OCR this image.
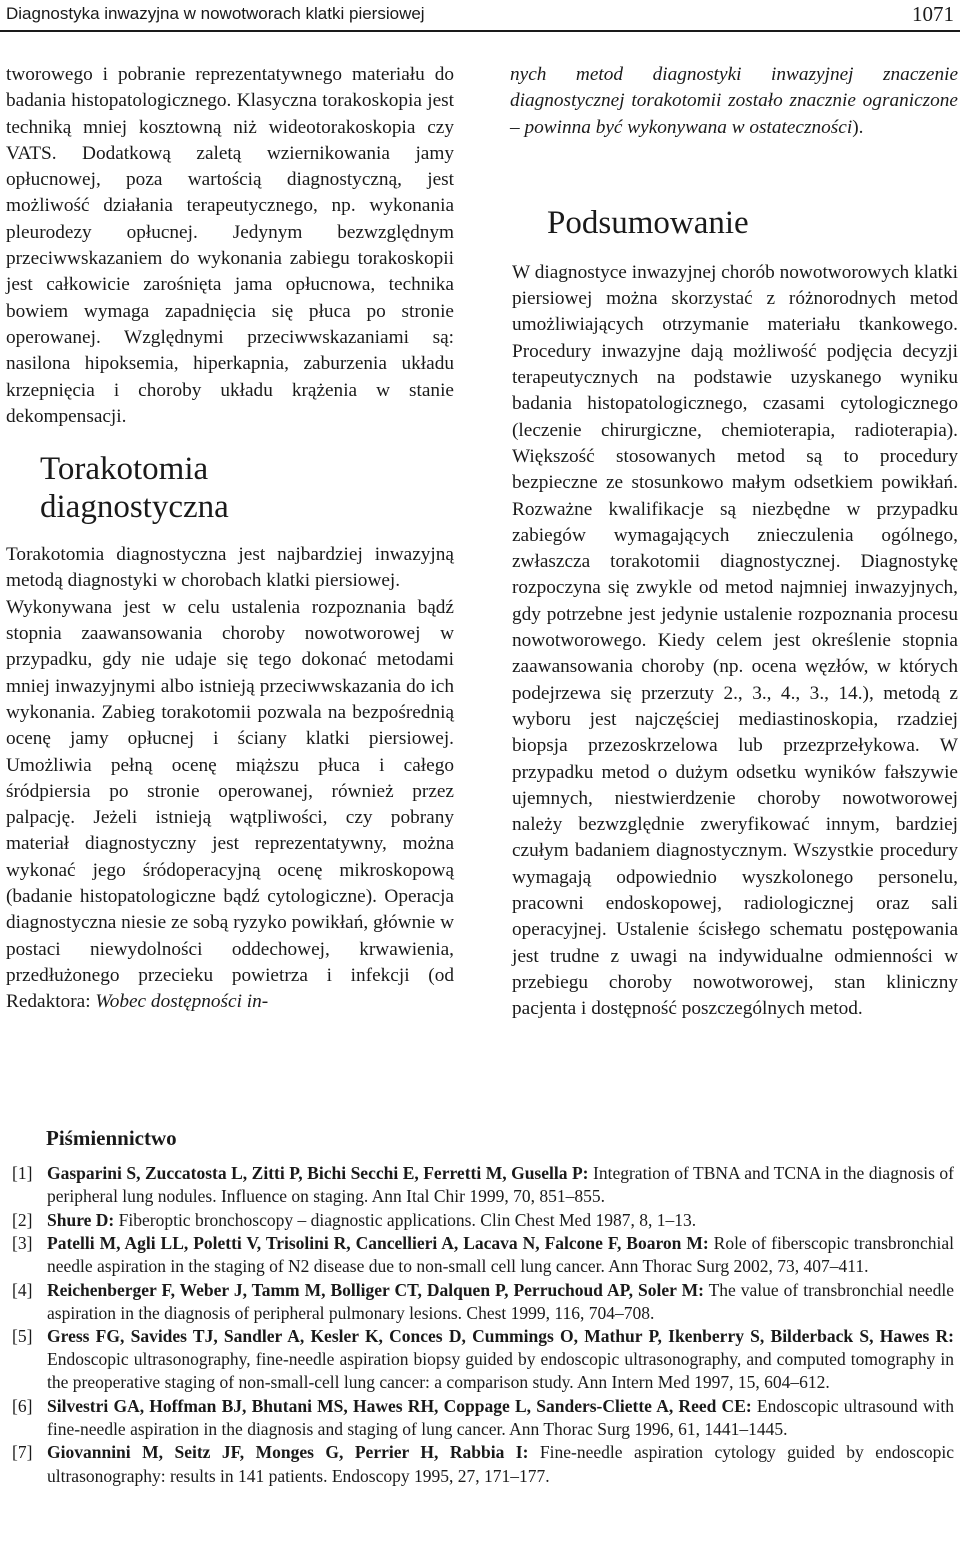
Diagnostyka inwazyjna w nowotworach klatki piersiowej	1071

tworowego i pobranie reprezentatywnego materiału do badania histopatologicznego. Klasyczna torakoskopia jest techniką mniej kosztowną niż wideotorakoskopia czy VATS. Dodatkową zaletą wziernikowania jamy opłucnowej, poza wartością diagnostyczną, jest możliwość działania terapeutycznego, np. wykonania pleurodezy opłucnej. Jedynym bezwzględnym przeciwwskazaniem do wykonania zabiegu torakoskopii jest całkowicie zarośnięta jama opłucnowa, technika bowiem wymaga zapadnięcia się płuca po stronie operowanej. Względnymi przeciwwskazaniami są: nasilona hipoksemia, hiperkapnia, zaburzenia układu krzepnięcia i choroby układu krążenia w stanie dekompensacji.

Torakotomia
diagnostyczna

Torakotomia diagnostyczna jest najbardziej inwazyjną metodą diagnostyki w chorobach klatki piersiowej.

Wykonywana jest w celu ustalenia rozpoznania bądź stopnia zaawansowania choroby nowotworowej w przypadku, gdy nie udaje się tego dokonać metodami mniej inwazyjnymi albo istnieją przeciwwskazania do ich wykonania. Zabieg torakotomii pozwala na bezpośrednią ocenę jamy opłucnej i ściany klatki piersiowej. Umożliwia pełną ocenę miąższu płuca i całego śródpiersia po stronie operowanej, również przez palpację. Jeżeli istnieją wątpliwości, czy pobrany materiał diagnostyczny jest reprezentatywny, można wykonać jego śródoperacyjną ocenę mikroskopową (badanie histopatologiczne bądź cytologiczne). Operacja diagnostyczna niesie ze sobą ryzyko powikłań, głównie w postaci niewydolności oddechowej, krwawienia, przedłużonego przecieku powietrza i infekcji (od Redaktora: Wobec dostępności in-

nych metod diagnostyki inwazyjnej znaczenie diagnostycznej torakotomii zostało znacznie ograniczone – powinna być wykonywana w ostateczności).

Podsumowanie

W diagnostyce inwazyjnej chorób nowotworowych klatki piersiowej można skorzystać z różnorodnych metod umożliwiających otrzymanie materiału tkankowego. Procedury inwazyjne dają możliwość podjęcia decyzji terapeutycznych na podstawie uzyskanego wyniku badania histopatologicznego, czasami cytologicznego (leczenie chirurgiczne, chemioterapia, radioterapia). Większość stosowanych metod są to procedury bezpieczne ze stosunkowo małym odsetkiem powikłań. Rozważne kwalifikacje są niezbędne w przypadku zabiegów wymagających znieczulenia ogólnego, zwłaszcza torakotomii diagnostycznej. Diagnostykę rozpoczyna się zwykle od metod najmniej inwazyjnych, gdy potrzebne jest jedynie ustalenie rozpoznania procesu nowotworowego. Kiedy celem jest określenie stopnia zaawansowania choroby (np. ocena węzłów, w których podejrzewa się przerzuty 2., 3., 4., 3., 14.), metodą z wyboru jest najczęściej mediastinoskopia, rzadziej biopsja przezoskrzelowa lub przezprzełykowa. W przypadku metod o dużym odsetku wyników fałszywie ujemnych, niestwierdzenie choroby nowotworowej należy bezwzględnie zweryfikować innym, bardziej czułym badaniem diagnostycznym. Wszystkie procedury wymagają odpowiednio wyszkolonego personelu, pracowni endoskopowej, radiologicznej oraz sali operacyjnej. Ustalenie ścisłego schematu postępowania jest trudne z uwagi na indywidualne odmienności w przebiegu choroby nowotworowej, stan kliniczny pacjenta i dostępność poszczególnych metod.

Piśmiennictwo

[1] Gasparini S, Zuccatosta L, Zitti P, Bichi Secchi E, Ferretti M, Gusella P: Integration of TBNA and TCNA in the diagnosis of peripheral lung nodules. Influence on staging. Ann Ital Chir 1999, 70, 851–855.

[2] Shure D: Fiberoptic bronchoscopy – diagnostic applications. Clin Chest Med 1987, 8, 1–13.

[3] Patelli M, Agli LL, Poletti V, Trisolini R, Cancellieri A, Lacava N, Falcone F, Boaron M: Role of fiberscopic transbronchial needle aspiration in the staging of N2 disease due to non-small cell lung cancer. Ann Thorac Surg 2002, 73, 407–411.

[4] Reichenberger F, Weber J, Tamm M, Bolliger CT, Dalquen P, Perruchoud AP, Soler M: The value of transbronchial needle aspiration in the diagnosis of peripheral pulmonary lesions. Chest 1999, 116, 704–708.

[5] Gress FG, Savides TJ, Sandler A, Kesler K, Conces D, Cummings O, Mathur P, Ikenberry S, Bilderback S, Hawes R: Endoscopic ultrasonography, fine-needle aspiration biopsy guided by endoscopic ultrasonography, and computed tomography in the preoperative staging of non-small-cell lung cancer: a comparison study. Ann Intern Med 1997, 15, 604–612.

[6] Silvestri GA, Hoffman BJ, Bhutani MS, Hawes RH, Coppage L, Sanders-Cliette A, Reed CE: Endoscopic ultrasound with fine-needle aspiration in the diagnosis and staging of lung cancer. Ann Thorac Surg 1996, 61, 1441–1445.

[7] Giovannini M, Seitz JF, Monges G, Perrier H, Rabbia I: Fine-needle aspiration cytology guided by endoscopic ultrasonography: results in 141 patients. Endoscopy 1995, 27, 171–177.
